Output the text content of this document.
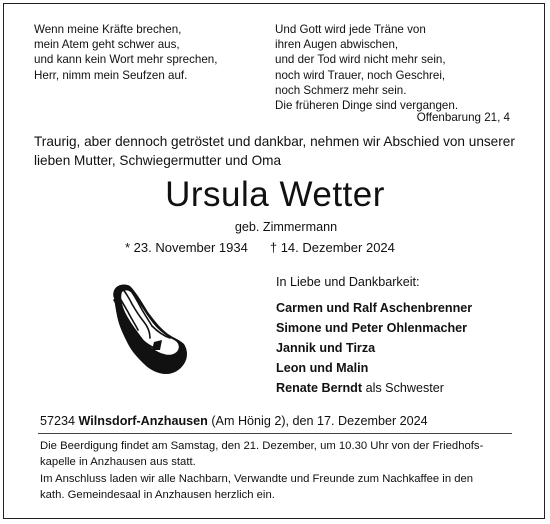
Wenn meine Kräfte brechen,
mein Atem geht schwer aus,
und kann kein Wort mehr sprechen,
Herr, nimm mein Seufzen auf.
Und Gott wird jede Träne von
ihren Augen abwischen,
und der Tod wird nicht mehr sein,
noch wird Trauer, noch Geschrei,
noch Schmerz mehr sein.
Die früheren Dinge sind vergangen.
Offenbarung 21, 4
Traurig, aber dennoch getröstet und dankbar, nehmen wir Abschied von unserer
lieben Mutter, Schwiegermutter und Oma
Ursula Wetter
geb. Zimmermann
* 23. November 1934 † 14. Dezember 2024
In Liebe und Dankbarkeit:
Carmen und Ralf Aschenbrenner
Simone und Peter Ohlenmacher
Jannik und Tirza
Leon und Malin
Renate Berndt als Schwester
57234 Wilnsdorf-Anzhausen (Am Hönig 2), den 17. Dezember 2024
Die Beerdigung findet am Samstag, den 21. Dezember, um 10.30 Uhr von der Friedhofs-
kapelle in Anzhausen aus statt.
Im Anschluss laden wir alle Nachbarn, Verwandte und Freunde zum Nachkaffee in den
kath. Gemeindesaal in Anzhausen herzlich ein.
